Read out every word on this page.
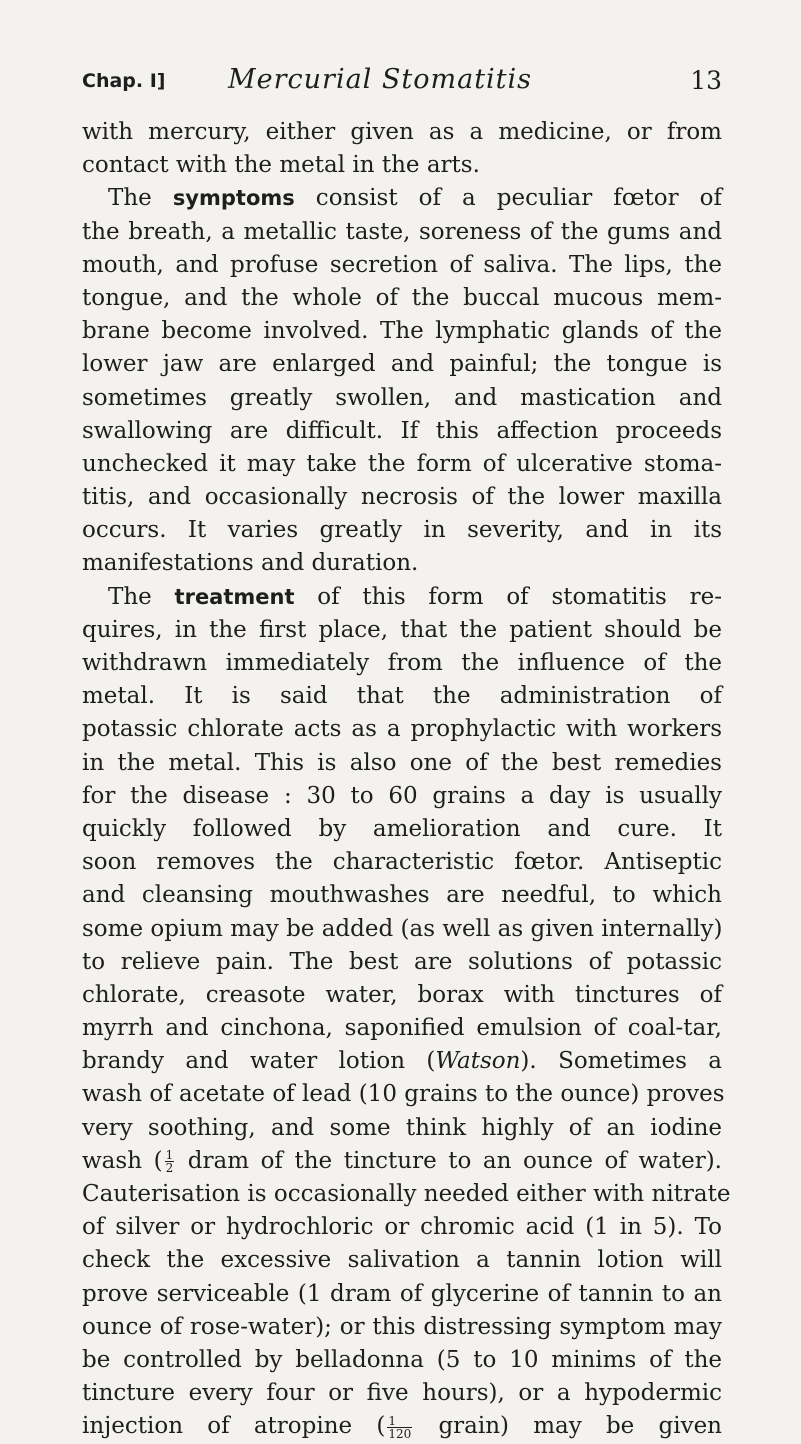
Chap. I] Mercurial Stomatitis	13
with mercury, either given as a medicine, or from
contact with the metal in the arts.
The symptoms consist of a peculiar fœtor of
the breath, a metallic taste, soreness of the gums and
mouth, and profuse secretion of saliva. The lips, the
tongue, and the whole of the buccal mucous mem-
brane become involved. The lymphatic glands of the
lower jaw are enlarged and painful; the tongue is
sometimes greatly swollen, and mastication and
swallowing are difficult. If this affection proceeds
unchecked it may take the form of ulcerative stoma-
titis, and occasionally necrosis of the lower maxilla
occurs. It varies greatly in severity, and in its
manifestations and duration.
The treatment of this form of stomatitis re-
quires, in the first place, that the patient should be
withdrawn immediately from the influence of the
metal. It is said that the administration of
potassic chlorate acts as a prophylactic with workers
in the metal. This is also one of the best remedies
for the disease : 30 to 60 grains a day is usually
quickly followed by amelioration and cure. It
soon removes the characteristic fœtor. Antiseptic
and cleansing mouthwashes are needful, to which
some opium may be added (as well as given internally)
to relieve pain. The best are solutions of potassic
chlorate, creasote water, borax with tinctures of
myrrh and cinchona, saponified emulsion of coal-tar,
brandy and water lotion (Watson). Sometimes a
wash of acetate of lead (10 grains to the ounce) proves
very soothing, and some think highly of an iodine
wash ( $\frac{1}{2}$ dram of the tincture to an ounce of water).
Cauterisation is occasionally needed either with nitrate
of silver or hydrochloric or chromic acid (1 in 5). To
check the excessive salivation a tannin lotion will
prove serviceable (1 dram of glycerine of tannin to an
ounce of rose-water); or this distressing symptom may
be controlled by belladonna (5 to 10 minims of the
tincture every four or five hours), or a hypodermic
injection of atropine ( $\frac{1}{120}$ grain) may be given
